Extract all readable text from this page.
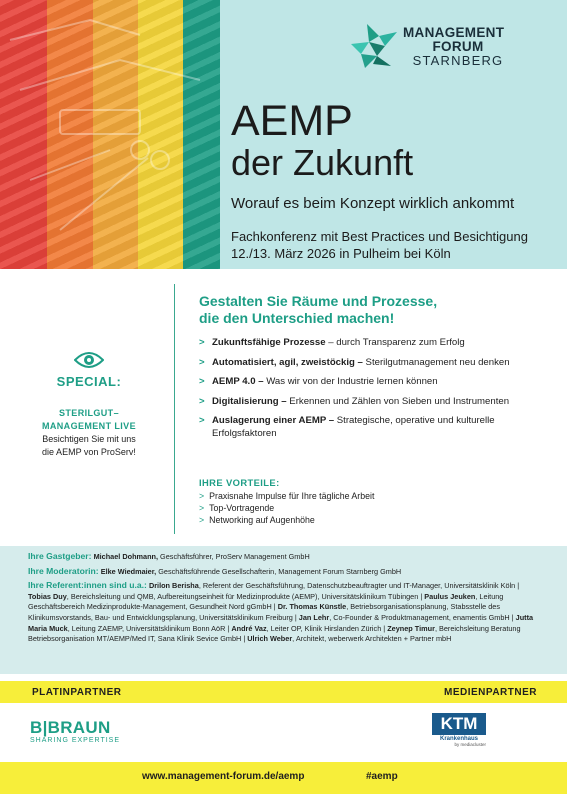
MANAGEMENT
FORUM
STARNBERG
AEMP
der Zukunft
Worauf es beim Konzept wirklich ankommt
Fachkonferenz mit Best Practices und Besichtigung
12./13. März 2026 in Pulheim bei Köln
SPECIAL:
STERILGUT–
MANAGEMENT LIVE
Besichtigen Sie mit uns
die AEMP von ProServ!
Gestalten Sie Räume und Prozesse,
die den Unterschied machen!
> Zukunftsfähige Prozesse – durch Transparenz zum Erfolg
> Automatisiert, agil, zweistöckig – Sterilgutmanagement neu denken
> AEMP 4.0 – Was wir von der Industrie lernen können
> Digitalisierung – Erkennen und Zählen von Sieben und Instrumenten
> Auslagerung einer AEMP – Strategische, operative und kulturelle Erfolgsfaktoren
IHRE VORTEILE:
> Praxisnahe Impulse für Ihre tägliche Arbeit
> Top-Vortragende
> Networking auf Augenhöhe

Ihre Gastgeber: Michael Dohmann, Geschäftsführer, ProServ Management GmbH

Ihre Moderatorin: Elke Wiedmaier, Geschäftsführende Gesellschafterin, Management Forum Starnberg GmbH

Ihre Referent:innen sind u.a.: Drilon Berisha, Referent der Geschäftsführung, Datenschutzbeauftragter und IT-Manager, Universitätsklinik Köln | Tobias Duy, Bereichsleitung und QMB, Aufbereitungseinheit für Medizinprodukte (AEMP), Universitätsklinikum Tübingen | Paulus Jeuken, Leitung Geschäftsbereich Medizinprodukte-Management, Gesundheit Nord gGmbH | Dr. Thomas Künstle, Betriebsorganisationsplanung, Stabsstelle des Klinikumsvorstands, Bau- und Entwicklungsplanung, Universitätsklinikum Freiburg | Jan Lehr, Co-Founder & Produktmanagement, enamentis GmbH | Jutta Maria Muck, Leitung ZAEMP, Universitätsklinikum Bonn AöR | André Vaz, Leiter OP, Klinik Hirslanden Zürich | Zeynep Timur, Bereichsleitung Beratung Betriebsorganisation MT/AEMP/Med IT, Sana Klinik Sevice GmbH | Ulrich Weber, Architekt, weberwerk Architekten + Partner mbH

PLATINPARTNER	MEDIENPARTNER
B|BRAUN
SHARING EXPERTISE
KTM
Krankenhaus
by mediacluster
www.management-forum.de/aemp	#aemp
